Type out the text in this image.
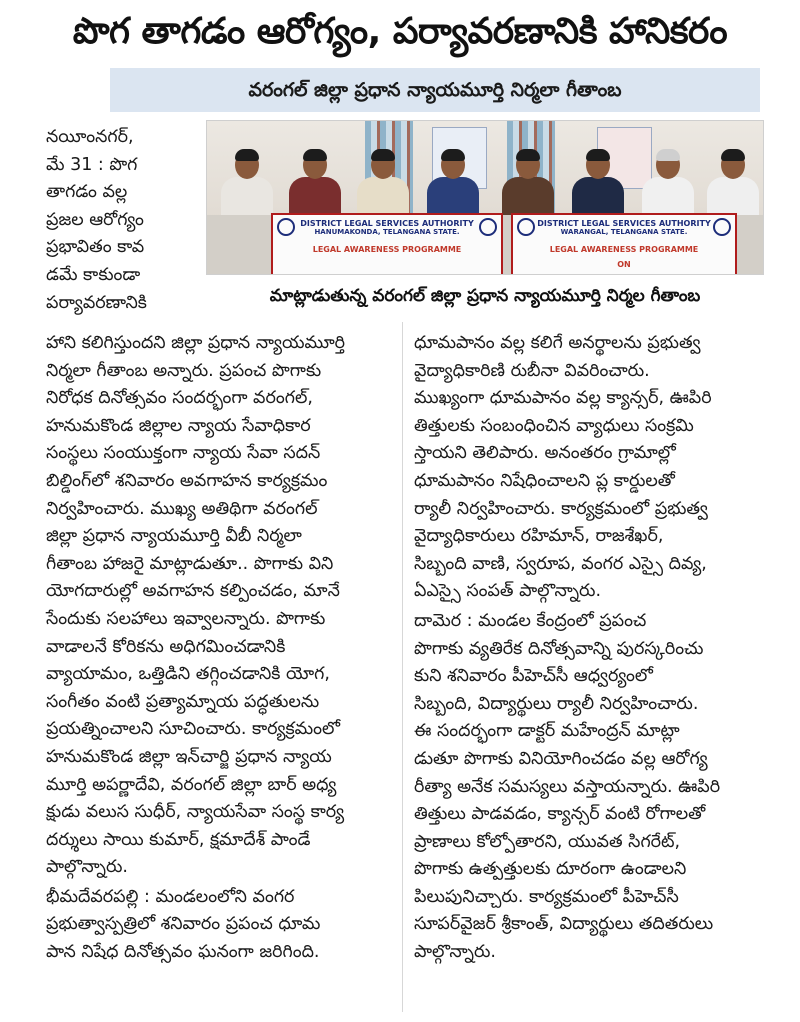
పొగ తాగడం ఆరోగ్యం, పర్యావరణానికి హానికరం
వరంగల్ జిల్లా ప్రధాన న్యాయమూర్తి నిర్మలా గీతాంబ
DISTRICT LEGAL SERVICES AUTHORITY
HANUMAKONDA, TELANGANA STATE.
LEGAL AWARENESS PROGRAMME
DISTRICT LEGAL SERVICES AUTHORITY
WARANGAL, TELANGANA STATE.
LEGAL AWARENESS PROGRAMME
ON
మాట్లాడుతున్న వరంగల్ జిల్లా ప్రధాన న్యాయమూర్తి నిర్మల గీతాంబ
నయీంనగర్,
మే 31 : పొగ
తాగడం వల్ల
ప్రజల ఆరోగ్యం
ప్రభావితం కావ
డమే కాకుండా
పర్యావరణానికి
హాని కలిగిస్తుందని జిల్లా ప్రధాన న్యాయమూర్తి
నిర్మలా గీతాంబ అన్నారు. ప్రపంచ పొగాకు
నిరోధక దినోత్సవం సందర్భంగా వరంగల్,
హనుమకొండ జిల్లాల న్యాయ సేవాధికార
సంస్థలు సంయుక్తంగా న్యాయ సేవా సదన్
బిల్డింగ్‌లో శనివారం అవగాహన కార్యక్రమం
నిర్వహించారు. ముఖ్య అతిథిగా వరంగల్
జిల్లా ప్రధాన న్యాయమూర్తి వీబీ నిర్మలా
గీతాంబ హాజరై మాట్లాడుతూ.. పొగాకు విని
యోగదారుల్లో అవగాహన కల్పించడం, మానే
సేందుకు సలహాలు ఇవ్వాలన్నారు. పొగాకు
వాడాలనే కోరికను అధిగమించడానికి
వ్యాయామం, ఒత్తిడిని తగ్గించడానికి యోగ,
సంగీతం వంటి ప్రత్యామ్నాయ పద్ధతులను
ప్రయత్నించాలని సూచించారు. కార్యక్రమంలో
హనుమకొండ జిల్లా ఇన్‌చార్జి ప్రధాన న్యాయ
మూర్తి అపర్ణాదేవి, వరంగల్ జిల్లా బార్ అధ్య
క్షుడు వలుస సుధీర్, న్యాయసేవా సంస్థ కార్య
దర్శులు సాయి కుమార్, క్షమాదేశ్ పాండే
పాల్గొన్నారు.
భీమదేవరపల్లి : మండలంలోని వంగర
ప్రభుత్వాస్పత్రిలో శనివారం ప్రపంచ ధూమ
పాన నిషేధ దినోత్సవం ఘనంగా జరిగింది.
ధూమపానం వల్ల కలిగే అనర్థాలను ప్రభుత్వ
వైద్యాధికారిణి రుబీనా వివరించారు.
ముఖ్యంగా ధూమపానం వల్ల క్యాన్సర్, ఊపిరి
తిత్తులకు సంబంధించిన వ్యాధులు సంక్రమి
స్తాయని తెలిపారు. అనంతరం గ్రామాల్లో
ధూమపానం నిషేధించాలని ప్ల కార్డులతో
ర్యాలీ నిర్వహించారు. కార్యక్రమంలో ప్రభుత్వ
వైద్యాధికారులు రహిమాన్, రాజశేఖర్,
సిబ్బంది వాణి, స్వరూప, వంగర ఎస్సై దివ్య,
ఏఎస్సై సంపత్ పాల్గొన్నారు.
దామెర : మండల కేంద్రంలో ప్రపంచ
పొగాకు వ్యతిరేక దినోత్సవాన్ని పురస్కరించు
కుని శనివారం పీహెచ్‌సీ ఆధ్వర్యంలో
సిబ్బంది, విద్యార్థులు ర్యాలీ నిర్వహించారు.
ఈ సందర్భంగా డాక్టర్ మహేంద్రన్ మాట్లా
డుతూ పొగాకు వినియోగించడం వల్ల ఆరోగ్య
రీత్యా అనేక సమస్యలు వస్తాయన్నారు. ఊపిరి
తిత్తులు పాడవడం, క్యాన్సర్ వంటి రోగాలతో
ప్రాణాలు కోల్పోతారని, యువత సిగరేట్,
పొగాకు ఉత్పత్తులకు దూరంగా ఉండాలని
పిలుపునిచ్చారు. కార్యక్రమంలో పీహెచ్‌సీ
సూపర్‌వైజర్ శ్రీకాంత్, విద్యార్థులు తదితరులు
పాల్గొన్నారు.
